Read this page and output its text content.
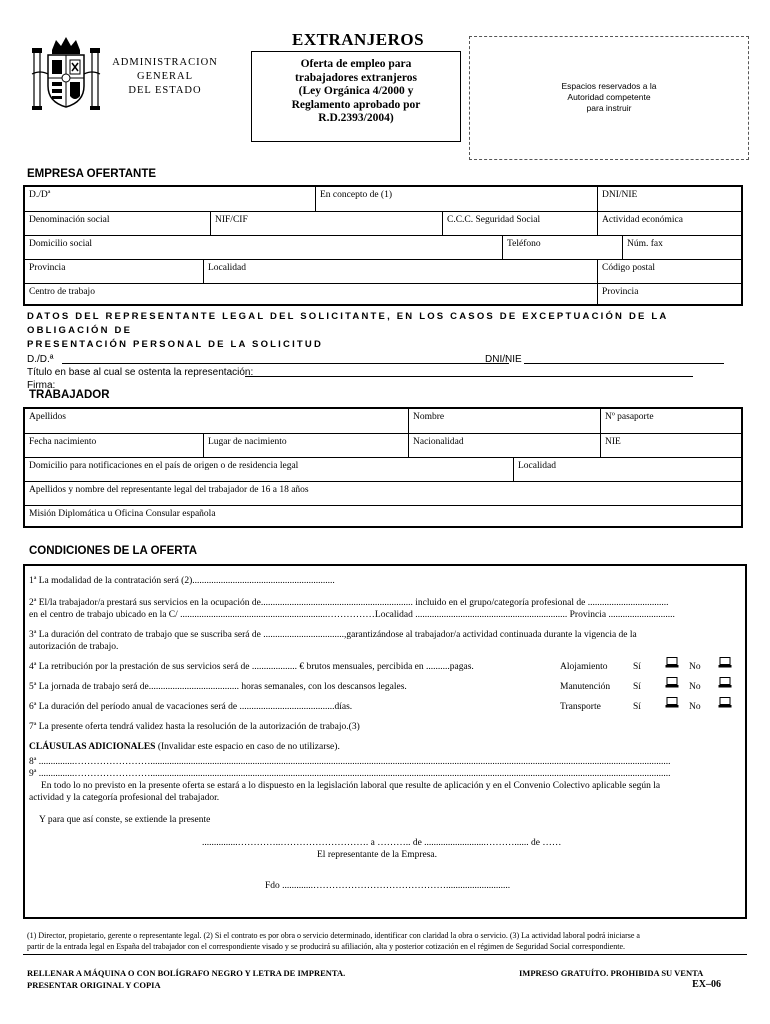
ADMINISTRACION
GENERAL
DEL ESTADO
EXTRANJEROS
Oferta de empleo para
trabajadores extranjeros
(Ley Orgánica 4/2000 y
Reglamento aprobado por
R.D.2393/2004)
Espacios reservados a la
Autoridad competente
para instruir
EMPRESA OFERTANTE
D./Dª	En concepto de (1)	DNI/NIE
Denominación social	NIF/CIF	C.C.C. Seguridad Social	Actividad económica
Domicilio social	Teléfono	Núm. fax
Provincia	Localidad	Código postal
Centro de trabajo	Provincia
DATOS DEL REPRESENTANTE LEGAL DEL SOLICITANTE, EN LOS CASOS DE EXCEPTUACIÓN DE LA OBLIGACIÓN DE
PRESENTACIÓN PERSONAL DE LA SOLICITUD
D./D.ª	DNI/NIE
Título en base al cual se ostenta la representación:
Firma:
TRABAJADOR
Apellidos	Nombre	Nº pasaporte
Fecha nacimiento	Lugar de nacimiento	Nacionalidad	NIE
Domicilio para notificaciones en el país de origen o de residencia legal	Localidad
Apellidos y nombre del representante legal del trabajador de 16 a 18 años
Misión Diplomática u Oficina Consular española
CONDICIONES DE LA OFERTA
1ª La modalidad de la contratación será (2)............................................................
2ª El/la trabajador/a prestará sus servicios en la ocupación de................................................................ incluido en el grupo/categoría profesional de ..................................
en el centro de trabajo ubicado en la C/ ..............................................................……………Localidad ................................................................ Provincia ............................
3ª La duración del contrato de trabajo que se suscriba será de ..................................,garantizándose al trabajador/a actividad continuada durante la vigencia de la
autorización de trabajo.
4ª La retribución por la prestación de sus servicios será de ................... € brutos mensuales, percibida en ..........pagas.
5ª La jornada de trabajo será de...................................... horas semanales, con los descansos legales.
6ª La duración del período anual de vacaciones será de ........................................días.
7ª La presente oferta tendrá validez hasta la resolución de la autorización de trabajo.(3)
Alojamiento	Sí	No
Manutención Sí	No
Transporte	Sí	No
CLÁUSULAS ADICIONALES (Invalidar este espacio en caso de no utilizarse).
8ª ...............……………………...........................................................................................................................................................................................................................
9ª ...............……………………...........................................................................................................................................................................................................................
En todo lo no previsto en la presente oferta se estará a lo dispuesto en la legislación laboral que resulte de aplicación y en el Convenio Colectivo aplicable según la
actividad y la categoría profesional del trabajador.
Y para que así conste, se extiende la presente
...............…………..………………………. a ……….. de ..........................………...... de ……
El representante de la Empresa.
Fdo .............……………………………………...........................
(1) Director, propietario, gerente o representante legal. (2) Si el contrato es por obra o servicio determinado, identificar con claridad la obra o servicio. (3) La actividad laboral podrá iniciarse a
partir de la entrada legal en España del trabajador con el correspondiente visado y se producirá su afiliación, alta y posterior cotización en el régimen de Seguridad Social correspondiente.
RELLENAR A MÁQUINA O CON BOLÍGRAFO NEGRO Y LETRA DE IMPRENTA.
PRESENTAR ORIGINAL Y COPIA
IMPRESO GRATUÍTO. PROHIBIDA SU VENTA
EX–06
